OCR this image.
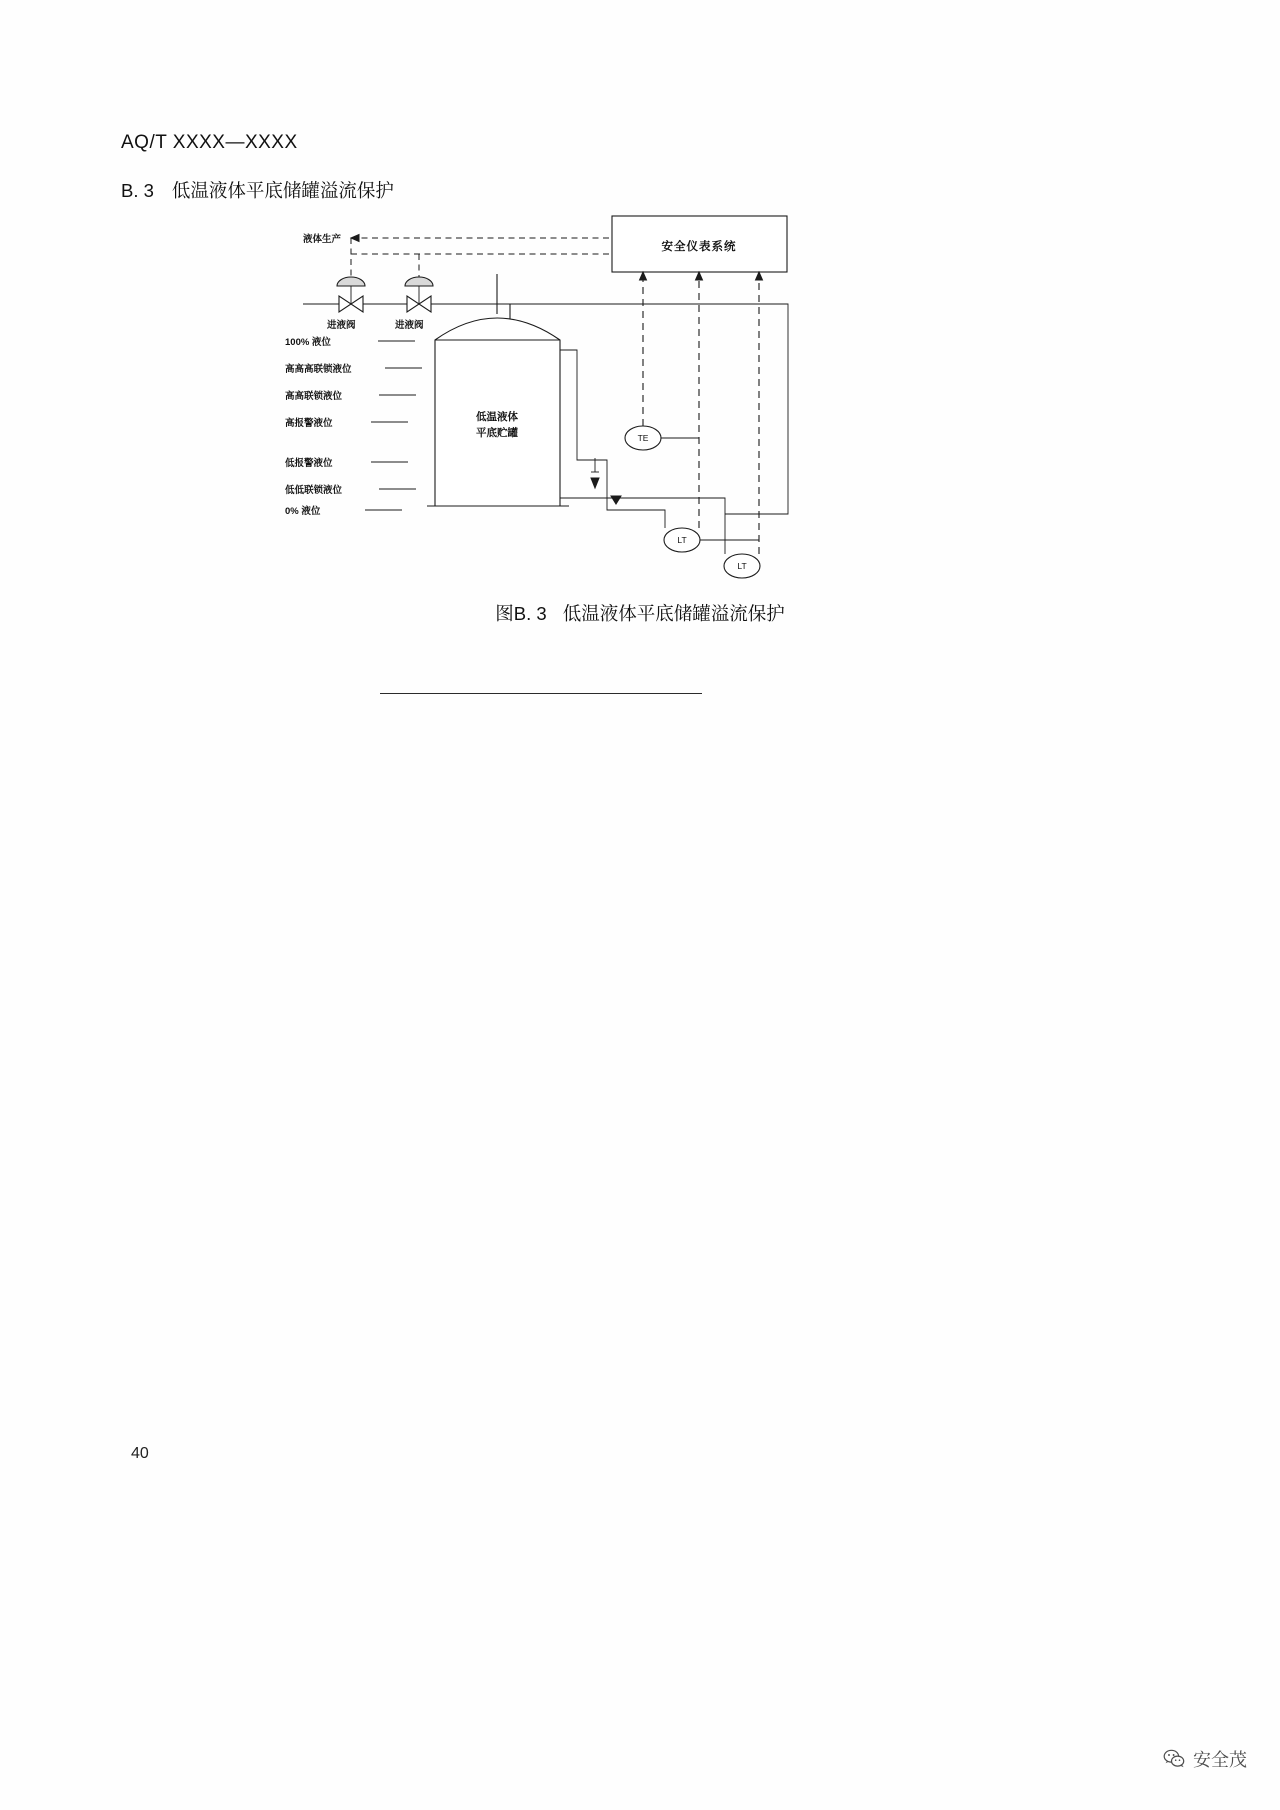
AQ/T XXXX—XXXX
B. 3 低温液体平底储罐溢流保护
安全仪表系统
液体生产
进液阀	进液阀
低温液体
平底贮罐
100% 液位
高高高联锁液位
高高联锁液位
高报警液位
低报警液位
低低联锁液位
0% 液位
TE
LT
LT
图B. 3 低温液体平底储罐溢流保护
40
安全茂
